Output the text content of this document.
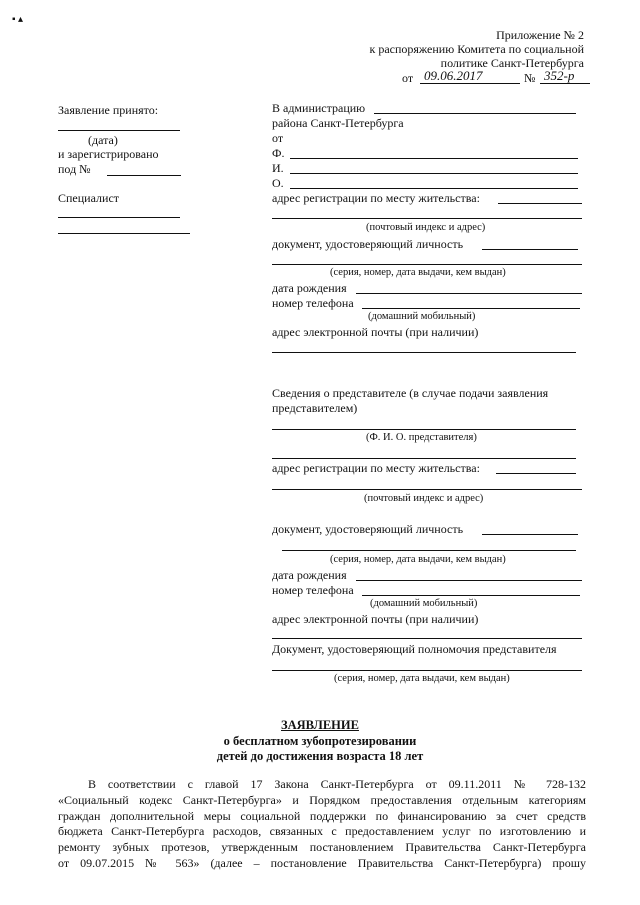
▪ ▴
Приложение № 2
к распоряжению Комитета по социальной
политике Санкт-Петербурга
от 09.06.2017	№ 352-р
Заявление принято:
(дата)
и зарегистрировано
под №
Специалист
В администрацию
района Санкт-Петербурга
от
Ф.
И.
О.
адрес регистрации по месту жительства:
(почтовый индекс и адрес)
документ, удостоверяющий личность
(серия, номер, дата выдачи, кем выдан)
дата рождения
номер телефона
(домашний мобильный)
адрес электронной почты (при наличии)
Сведения о представителе (в случае подачи заявления
представителем)
(Ф. И. О. представителя)
адрес регистрации по месту жительства:
(почтовый индекс и адрес)
документ, удостоверяющий личность
(серия, номер, дата выдачи, кем выдан)
дата рождения
номер телефона
(домашний мобильный)
адрес электронной почты (при наличии)
Документ, удостоверяющий полномочия представителя
(серия, номер, дата выдачи, кем выдан)
ЗАЯВЛЕНИЕ
о бесплатном зубопротезировании
детей до достижения возраста 18 лет
В соответствии с главой 17 Закона Санкт-Петербурга от 09.11.2011 № 728-132
«Социальный кодекс Санкт-Петербурга» и Порядком предоставления отдельным категориям
граждан дополнительной меры социальной поддержки по финансированию за счет средств
бюджета Санкт-Петербурга расходов, связанных с предоставлением услуг по изготовлению и
ремонту зубных протезов, утвержденным постановлением Правительства Санкт-Петербурга
от 09.07.2015 № 563» (далее – постановление Правительства Санкт-Петербурга) прошу
